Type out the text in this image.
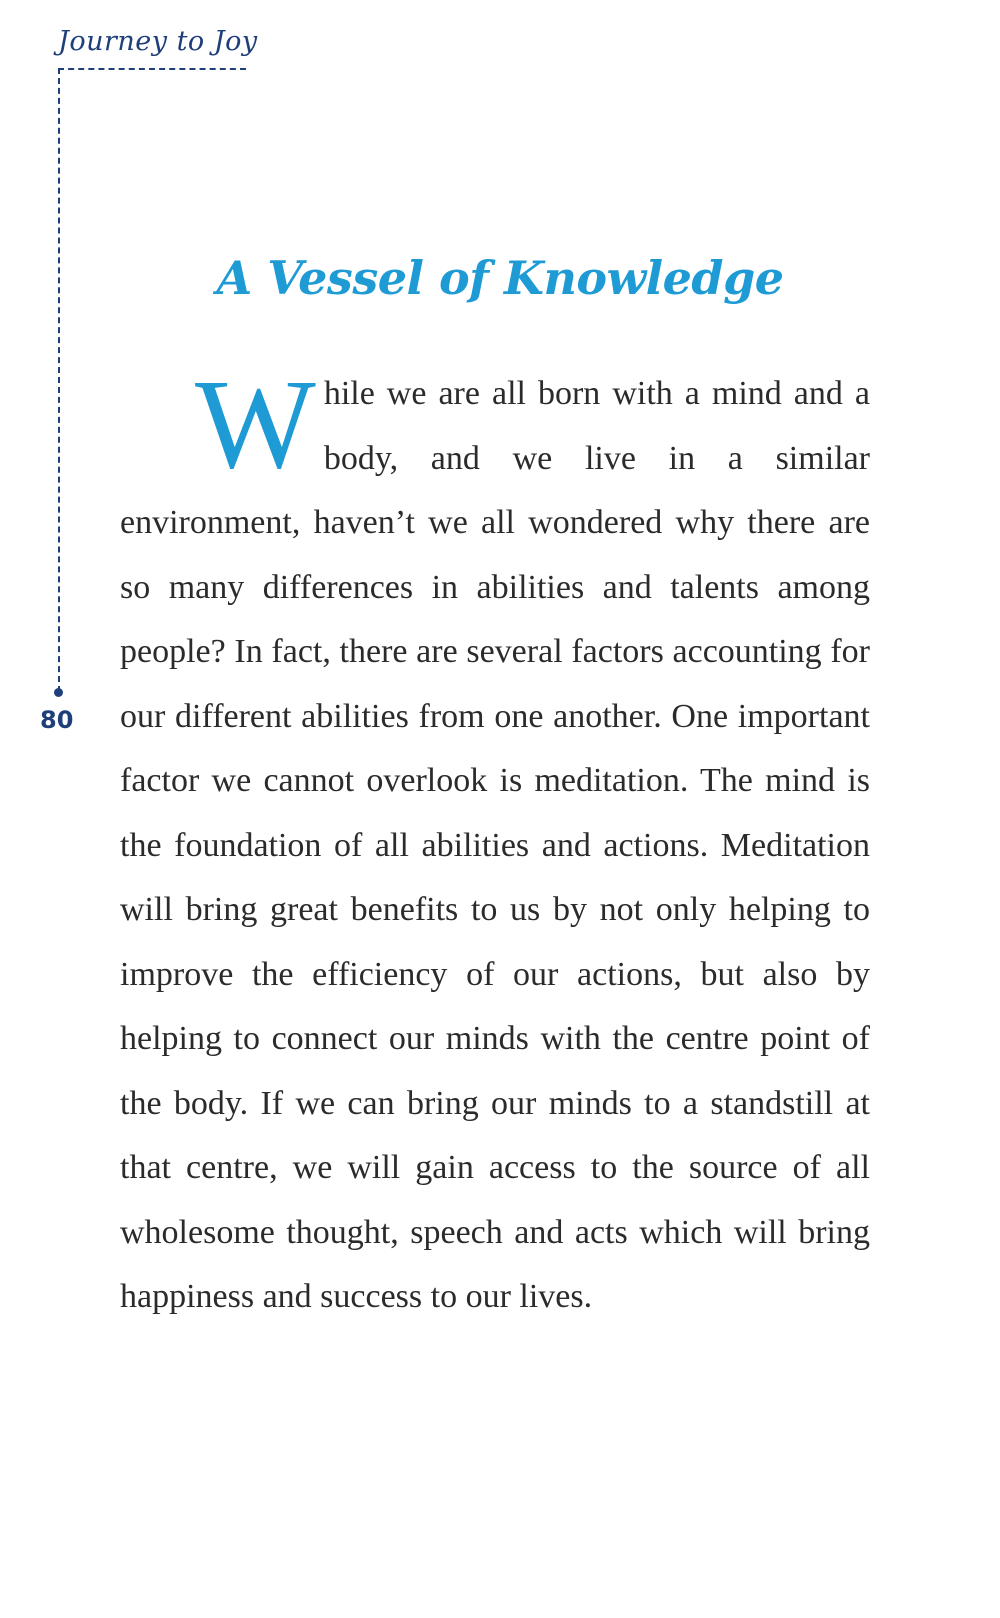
Journey to Joy
80
A Vessel of Knowledge

While we are all born with a mind and a body, and we live in a similar environment, haven’t we all wondered why there are so many differences in abilities and talents among people? In fact, there are several factors accounting for our different abilities from one another. One important factor we cannot overlook is meditation. The mind is the foundation of all abilities and actions. Meditation will bring great benefits to us by not only helping to improve the efficiency of our actions, but also by helping to connect our minds with the centre point of the body. If we can bring our minds to a standstill at that centre, we will gain access to the source of all wholesome thought, speech and acts which will bring happiness and success to our lives.
